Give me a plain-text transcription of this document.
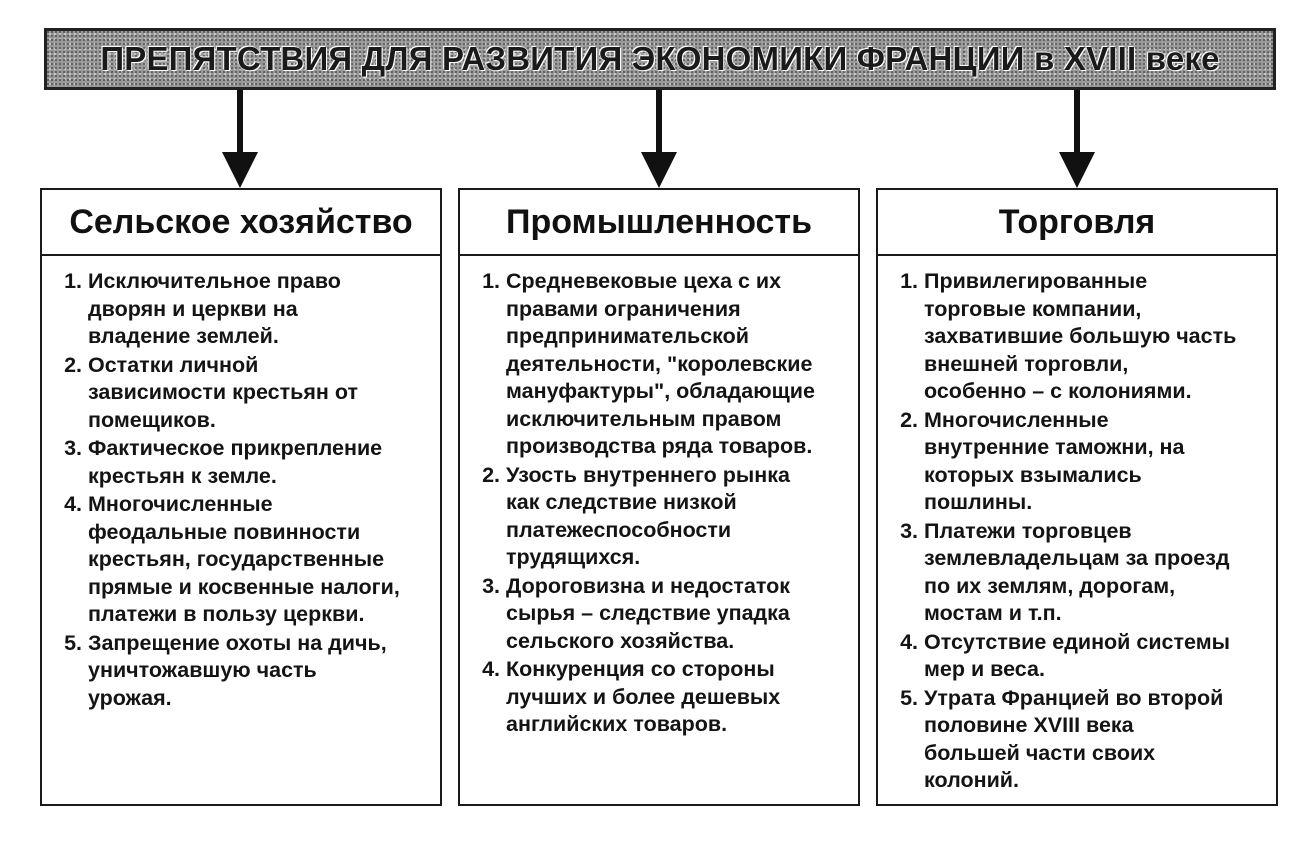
ПРЕПЯТСТВИЯ ДЛЯ РАЗВИТИЯ ЭКОНОМИКИ ФРАНЦИИ в XVIII веке
Сельское хозяйство
1. Исключительное право
дворян и церкви на
владение землей.
2. Остатки личной
зависимости крестьян от
помещиков.
3. Фактическое прикрепление
крестьян к земле.
4. Многочисленные
феодальные повинности
крестьян, государственные
прямые и косвенные налоги,
платежи в пользу церкви.
5. Запрещение охоты на дичь,
уничтожавшую часть
урожая.
Промышленность
1. Средневековые цеха с их
правами ограничения
предпринимательской
деятельности, "королевские
мануфактуры", обладающие
исключительным правом
производства ряда товаров.
2. Узость внутреннего рынка
как следствие низкой
платежеспособности
трудящихся.
3. Дороговизна и недостаток
сырья – следствие упадка
сельского хозяйства.
4. Конкуренция со стороны
лучших и более дешевых
английских товаров.
Торговля
1. Привилегированные
торговые компании,
захватившие большую часть
внешней торговли,
особенно – с колониями.
2. Многочисленные
внутренние таможни, на
которых взымались
пошлины.
3. Платежи торговцев
землевладельцам за проезд
по их землям, дорогам,
мостам и т.п.
4. Отсутствие единой системы
мер и веса.
5. Утрата Францией во второй
половине XVIII века
большей части своих
колоний.
